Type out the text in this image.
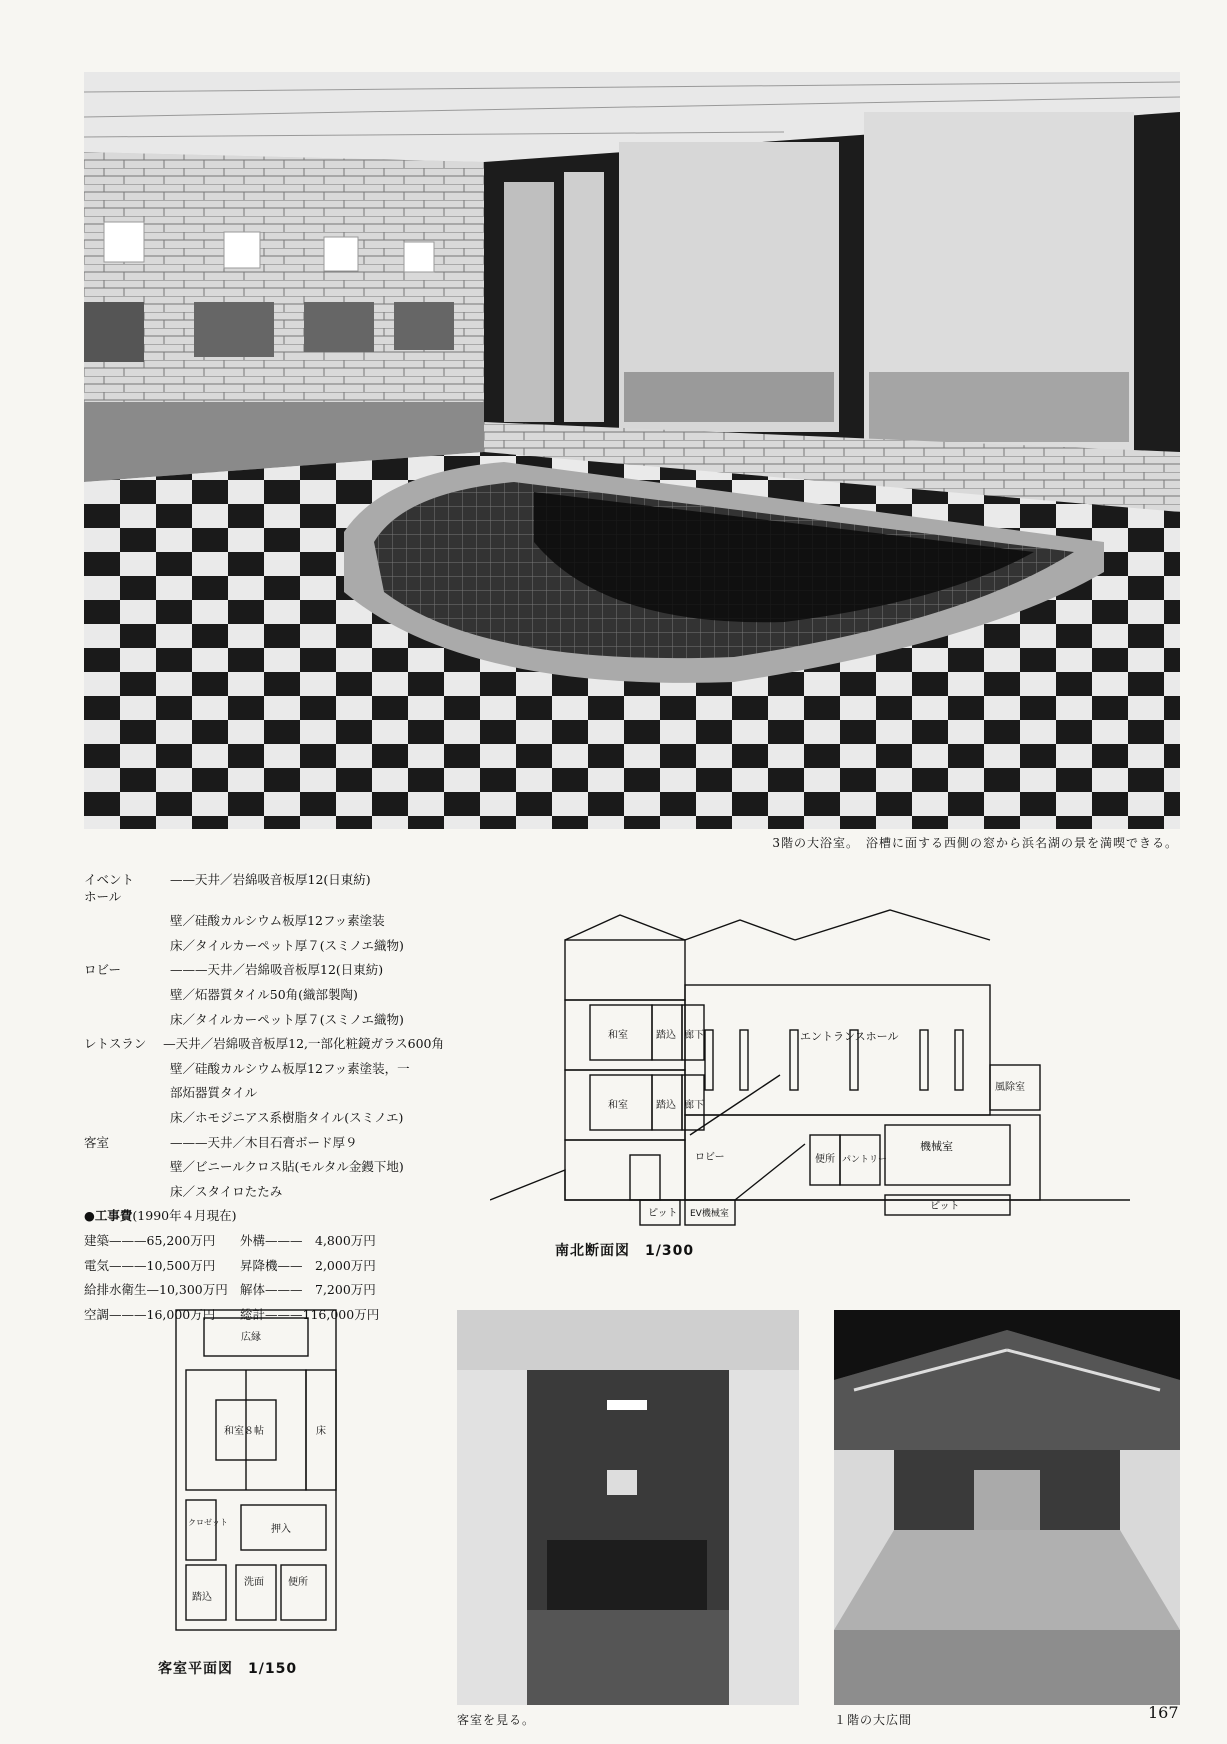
3階の大浴室。　浴槽に面する西側の窓から浜名湖の景を満喫できる。
イベント	——天井／岩綿吸音板厚12(日東紡)
ホール
壁／硅酸カルシウム板厚12フッ素塗装
床／タイルカーペット厚７(スミノエ織物)
ロビー	———天井／岩綿吸音板厚12(日東紡)
壁／炻器質タイル50角(織部製陶)
床／タイルカーペット厚７(スミノエ織物)
レトスラン	—天井／岩綿吸音板厚12,一部化粧鏡ガラス600角
壁／硅酸カルシウム板厚12フッ素塗装，一
部炻器質タイル
床／ホモジニアス系樹脂タイル(スミノエ)
客室	———天井／木目石膏ボード厚９
壁／ビニールクロス貼(モルタル金鏝下地)
床／スタイロたたみ
●工事費(1990年４月現在)
建築———65,200万円	外構———　4,800万円
電気———10,500万円	昇降機——　2,000万円
給排水衛生—10,300万円 解体———　7,200万円
空調———16,000万円	総計———116,000万円
和室	踏込 廊下
和室	踏込 廊下
エントランスホール
風除室
ロビー	便所 パントリー
機械室
ピット EV機械室
ピット
南北断面図　1/300
広縁
和室８帖	床
クロゼット
押入
踏込
洗面 便所
客室平面図　1/150
客室を見る。	１階の大広間	167
